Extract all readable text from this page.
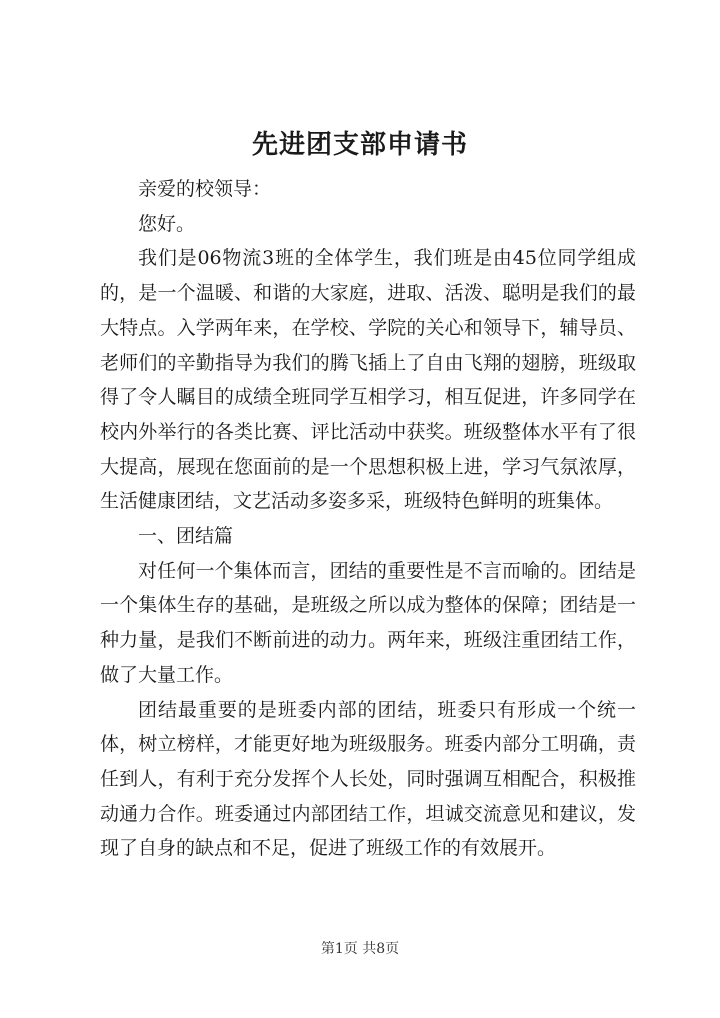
先进团支部申请书

亲爱的校领导：

您好。

我们是06物流3班的全体学生，我们班是由45位同学组成的，是一个温暖、和谐的大家庭，进取、活泼、聪明是我们的最大特点。入学两年来，在学校、学院的关心和领导下，辅导员、老师们的辛勤指导为我们的腾飞插上了自由飞翔的翅膀，班级取得了令人瞩目的成绩全班同学互相学习，相互促进，许多同学在校内外举行的各类比赛、评比活动中获奖。班级整体水平有了很大提高，展现在您面前的是一个思想积极上进，学习气氛浓厚，生活健康团结，文艺活动多姿多采，班级特色鲜明的班集体。

一、团结篇

对任何一个集体而言，团结的重要性是不言而喻的。团结是一个集体生存的基础，是班级之所以成为整体的保障；团结是一种力量，是我们不断前进的动力。两年来，班级注重团结工作，做了大量工作。

团结最重要的是班委内部的团结，班委只有形成一个统一体，树立榜样，才能更好地为班级服务。班委内部分工明确，责任到人，有利于充分发挥个人长处，同时强调互相配合，积极推动通力合作。班委通过内部团结工作，坦诚交流意见和建议，发现了自身的缺点和不足，促进了班级工作的有效展开。

第1页 共8页
